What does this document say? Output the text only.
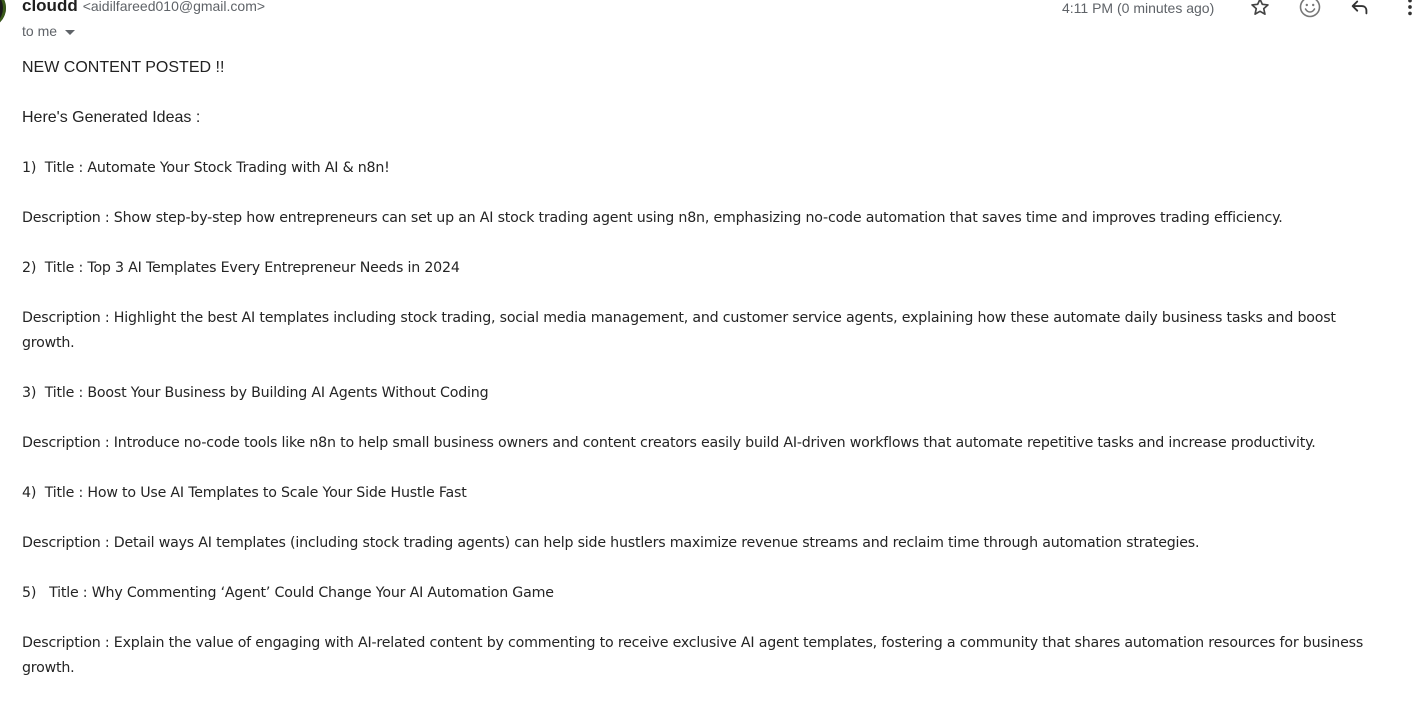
cloudd <aidilfareed010@gmail.com>
to me
4:11 PM (0 minutes ago)

NEW CONTENT POSTED !!

Here's Generated Ideas :

1)  Title : Automate Your Stock Trading with AI & n8n!

Description : Show step-by-step how entrepreneurs can set up an AI stock trading agent using n8n, emphasizing no-code automation that saves time and improves trading efficiency.

2)  Title : Top 3 AI Templates Every Entrepreneur Needs in 2024

Description : Highlight the best AI templates including stock trading, social media management, and customer service agents, explaining how these automate daily business tasks and boost

growth.

3)  Title : Boost Your Business by Building AI Agents Without Coding

Description : Introduce no-code tools like n8n to help small business owners and content creators easily build AI-driven workflows that automate repetitive tasks and increase productivity.

4)  Title : How to Use AI Templates to Scale Your Side Hustle Fast

Description : Detail ways AI templates (including stock trading agents) can help side hustlers maximize revenue streams and reclaim time through automation strategies.

5)   Title : Why Commenting ‘Agent’ Could Change Your AI Automation Game

Description : Explain the value of engaging with AI-related content by commenting to receive exclusive AI agent templates, fostering a community that shares automation resources for business

growth.
